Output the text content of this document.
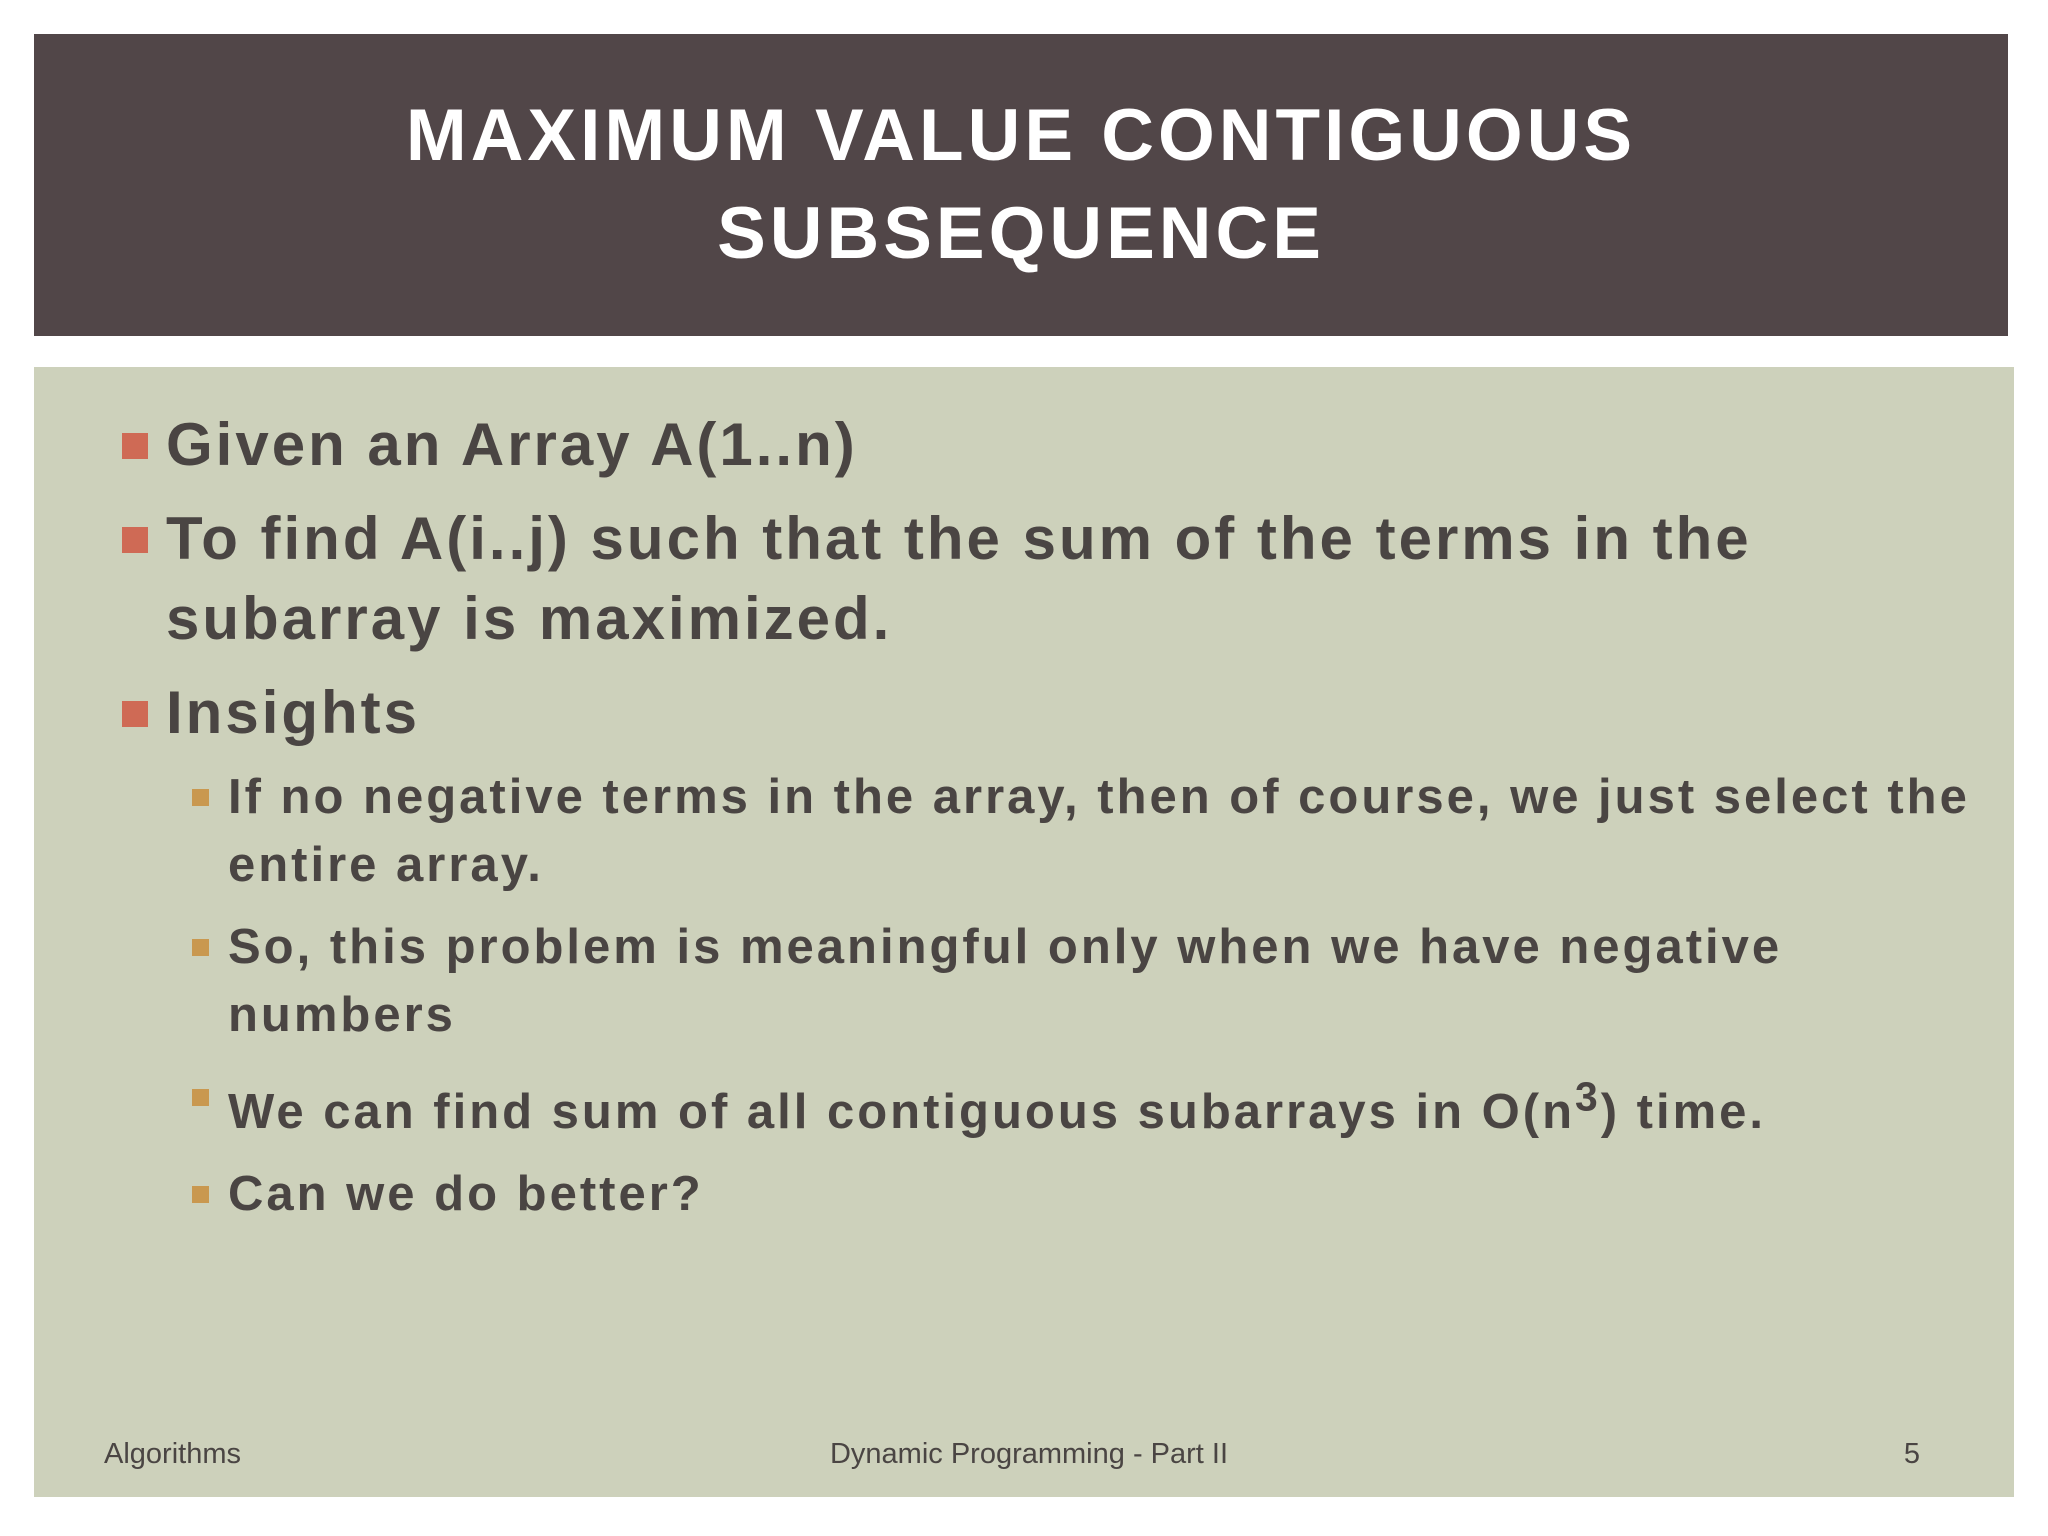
MAXIMUM VALUE CONTIGUOUS SUBSEQUENCE
Given an Array A(1..n)
To find A(i..j) such that the sum of the terms in the subarray is maximized.
Insights
If no negative terms in the array, then of course, we just select the entire array.
So, this problem is meaningful only when we have negative numbers
We can find sum of all contiguous subarrays in $O(n^3)$ time.
Can we do better?
Algorithms	Dynamic Programming - Part II	5
